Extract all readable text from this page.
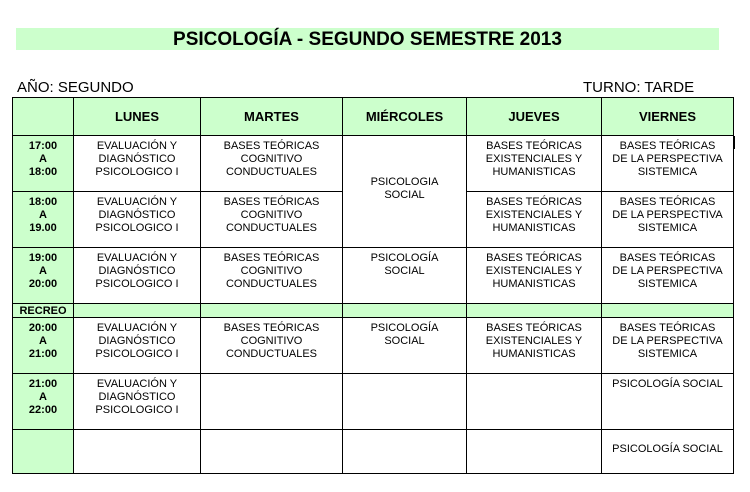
PSICOLOGÍA - SEGUNDO SEMESTRE 2013
AÑO: SEGUNDO	TURNO: TARDE
	LUNES	MARTES	MIÉRCOLES	JUEVES	VIERNES

17:00
A
18:00	EVALUACIÓN Y
DIAGNÓSTICO
PSICOLOGICO I	BASES TEÓRICAS
COGNITIVO
CONDUCTUALES	PSICOLOGIA
SOCIAL	BASES TEÓRICAS
EXISTENCIALES Y
HUMANISTICAS	BASES TEÓRICAS
DE LA PERSPECTIVA
SISTEMICA

18:00
A
19.00	EVALUACIÓN Y
DIAGNÓSTICO
PSICOLOGICO I	BASES TEÓRICAS
COGNITIVO
CONDUCTUALES		BASES TEÓRICAS
EXISTENCIALES Y
HUMANISTICAS	BASES TEÓRICAS
DE LA PERSPECTIVA
SISTEMICA

19:00
A
20:00	EVALUACIÓN Y
DIAGNÓSTICO
PSICOLOGICO I	BASES TEÓRICAS
COGNITIVO
CONDUCTUALES	PSICOLOGÍA
SOCIAL	BASES TEÓRICAS
EXISTENCIALES Y
HUMANISTICAS	BASES TEÓRICAS
DE LA PERSPECTIVA
SISTEMICA

RECREO					

20:00
A
21:00	EVALUACIÓN Y
DIAGNÓSTICO
PSICOLOGICO I	BASES TEÓRICAS
COGNITIVO
CONDUCTUALES	PSICOLOGÍA
SOCIAL	BASES TEÓRICAS
EXISTENCIALES Y
HUMANISTICAS	BASES TEÓRICAS
DE LA PERSPECTIVA
SISTEMICA

21:00
A
22:00	EVALUACIÓN Y
DIAGNÓSTICO
PSICOLOGICO I				PSICOLOGÍA SOCIAL

					PSICOLOGÍA SOCIAL
